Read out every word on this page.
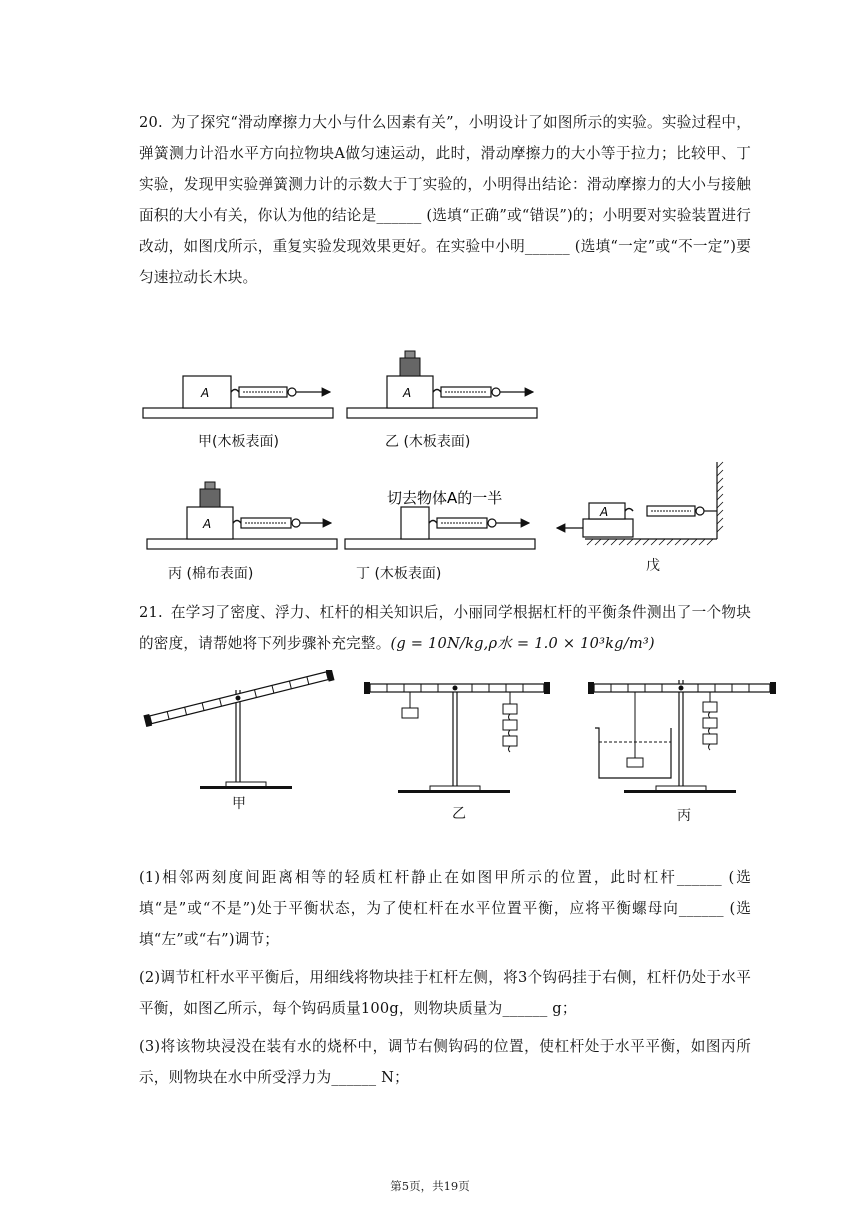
20. 为了探究“滑动摩擦力大小与什么因素有关”，小明设计了如图所示的实验。实验过程中，弹簧测力计沿水平方向拉物块A做匀速运动，此时，滑动摩擦力的大小等于拉力；比较甲、丁实验，发现甲实验弹簧测力计的示数大于丁实验的，小明得出结论：滑动摩擦力的大小与接触面积的大小有关，你认为他的结论是______ (选填“正确”或“错误”)的；小明要对实验装置进行改动，如图戊所示，重复实验发现效果更好。在实验中小明______ (选填“一定”或“不一定”)要匀速拉动长木块。

A	A
A
切去物体A的一半
A
甲(木板表面)	乙 (木板表面)
丙 (棉布表面)	丁 (木板表面)	戊

21. 在学习了密度、浮力、杠杆的相关知识后，小丽同学根据杠杆的平衡条件测出了一个物块的密度，请帮她将下列步骤补充完整。(g = 10N/kg,ρ水 = 1.0 × 10³kg/m³)

甲
乙	丙

(1)相邻两刻度间距离相等的轻质杠杆静止在如图甲所示的位置，此时杠杆______ (选填“是”或“不是”)处于平衡状态，为了使杠杆在水平位置平衡，应将平衡螺母向______ (选填“左”或“右”)调节；

(2)调节杠杆水平平衡后，用细线将物块挂于杠杆左侧，将3个钩码挂于右侧，杠杆仍处于水平平衡，如图乙所示，每个钩码质量100g，则物块质量为______ g；

(3)将该物块浸没在装有水的烧杯中，调节右侧钩码的位置，使杠杆处于水平平衡，如图丙所示，则物块在水中所受浮力为______ N；

第5页，共19页
